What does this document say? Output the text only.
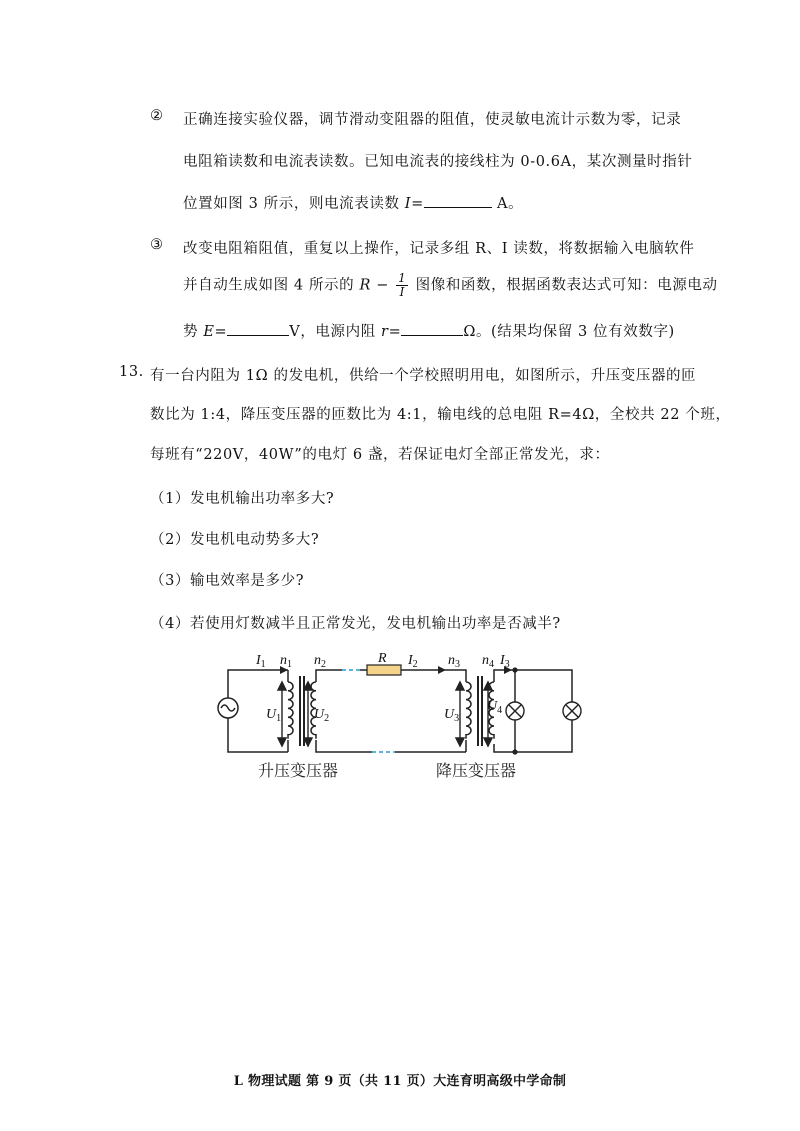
② 正确连接实验仪器，调节滑动变阻器的阻值，使灵敏电流计示数为零，记录
电阻箱读数和电流表读数。已知电流表的接线柱为 0-0.6A，某次测量时指针
位置如图 3 所示，则电流表读数 I=	A。
③ 改变电阻箱阻值，重复以上操作，记录多组 R、I 读数，将数据输入电脑软件
并自动生成如图 4 所示的 $R - \frac{1}{I}$ 图像和函数，根据函数表达式可知：电源电动
势 E=	V，电源内阻 r=	Ω。(结果均保留 3 位有效数字)
13. 有一台内阻为 1Ω 的发电机，供给一个学校照明用电，如图所示，升压变压器的匝
数比为 1:4，降压变压器的匝数比为 4:1，输电线的总电阻 R=4Ω，全校共 22 个班，
每班有“220V，40W”的电灯 6 盏，若保证电灯全部正常发光，求：
（1）发电机输出功率多大?
（2）发电机电动势多大?
（3）输电效率是多少?
（4）若使用灯数减半且正常发光，发电机输出功率是否减半?
$I_1$ $n_1$ $n_2$	R $I_2$ $n_3$ $n_4$ $I_3$
$U_1$ $U_2$	$U_3$
$U_4$
升压变压器	降压变压器
L 物理试题 第 9 页（共 11 页）大连育明高级中学命制
